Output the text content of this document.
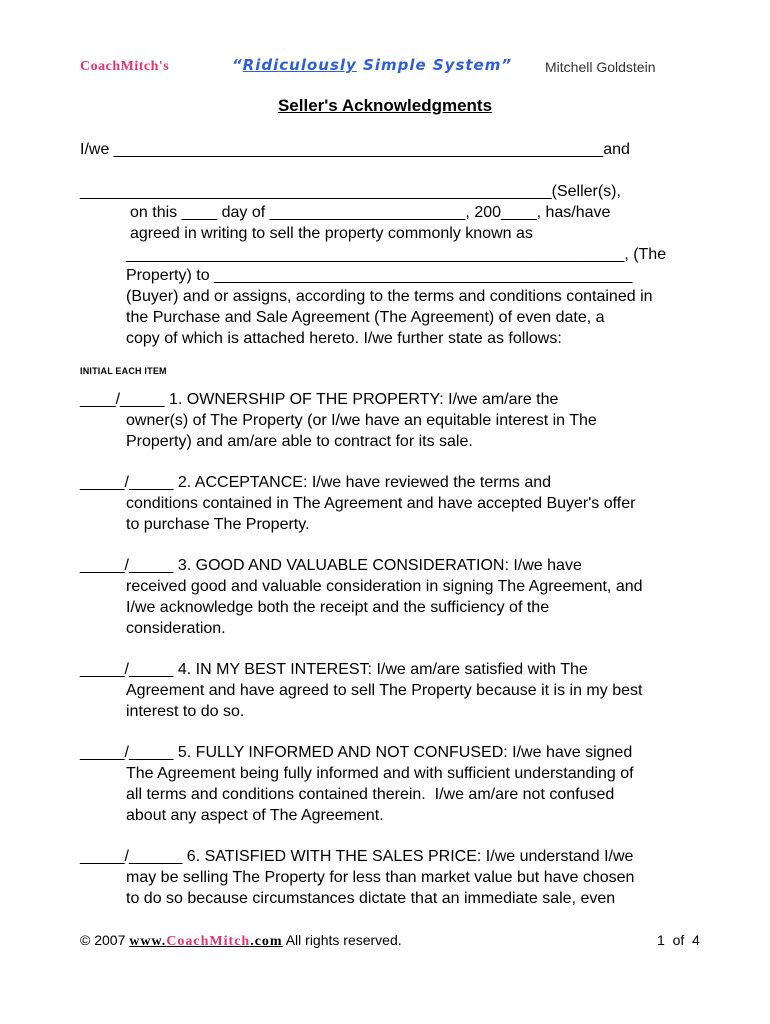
CoachMitch's	“Ridiculously Simple System” Mitchell Goldstein
Seller's Acknowledgments
I/we _______________________________________________________and
_____________________________________________________(Seller(s),
on this ____ day of ______________________, 200____, has/have
agreed in writing to sell the property commonly known as
________________________________________________________, (The
Property) to _______________________________________________
(Buyer) and or assigns, according to the terms and conditions contained in
the Purchase and Sale Agreement (The Agreement) of even date, a
copy of which is attached hereto. I/we further state as follows:
INITIAL EACH ITEM
____/_____ 1. OWNERSHIP OF THE PROPERTY: I/we am/are the
owner(s) of The Property (or I/we have an equitable interest in The
Property) and am/are able to contract for its sale.
_____/_____ 2. ACCEPTANCE: I/we have reviewed the terms and
conditions contained in The Agreement and have accepted Buyer's offer
to purchase The Property.
_____/_____ 3. GOOD AND VALUABLE CONSIDERATION: I/we have
received good and valuable consideration in signing The Agreement, and
I/we acknowledge both the receipt and the sufficiency of the
consideration.
_____/_____ 4. IN MY BEST INTEREST: I/we am/are satisfied with The
Agreement and have agreed to sell The Property because it is in my best
interest to do so.
_____/_____ 5. FULLY INFORMED AND NOT CONFUSED: I/we have signed
The Agreement being fully informed and with sufficient understanding of
all terms and conditions contained therein.  I/we am/are not confused
about any aspect of The Agreement.
_____/______ 6. SATISFIED WITH THE SALES PRICE: I/we understand I/we
may be selling The Property for less than market value but have chosen
to do so because circumstances dictate that an immediate sale, even
© 2007 www.CoachMitch.com All rights reserved.	1  of  4
